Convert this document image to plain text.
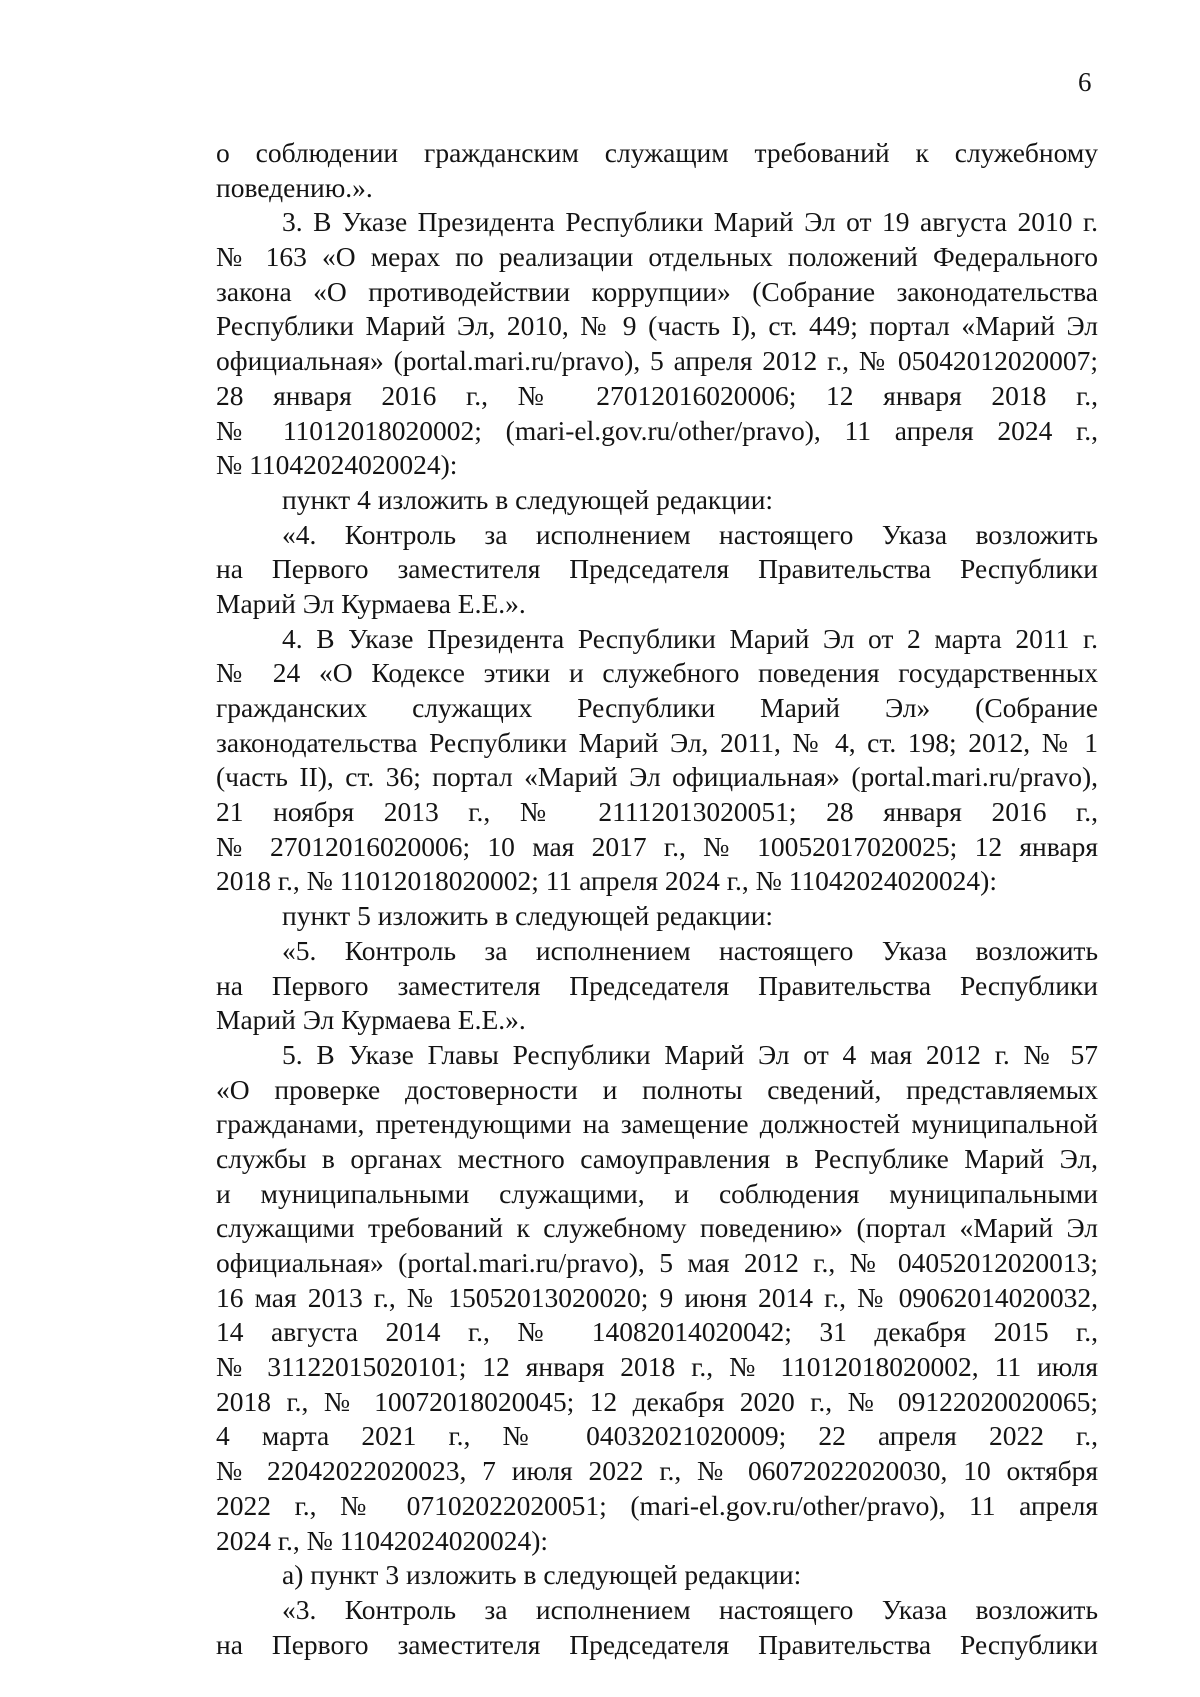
6
о соблюдении гражданским служащим требований к служебному
поведению.».
3. В Указе Президента Республики Марий Эл от 19 августа 2010 г.
№ 163 «О мерах по реализации отдельных положений Федерального
закона «О противодействии коррупции» (Собрание законодательства
Республики Марий Эл, 2010, № 9 (часть I), ст. 449; портал «Марий Эл
официальная» (portal.mari.ru/pravo), 5 апреля 2012 г., № 05042012020007;
28 января 2016 г., № 27012016020006; 12 января 2018 г.,
№ 11012018020002; (mari-el.gov.ru/other/pravo), 11 апреля 2024 г.,
№ 11042024020024):
пункт 4 изложить в следующей редакции:
«4. Контроль за исполнением настоящего Указа возложить
на Первого заместителя Председателя Правительства Республики
Марий Эл Курмаева Е.Е.».
4. В Указе Президента Республики Марий Эл от 2 марта 2011 г.
№ 24 «О Кодексе этики и служебного поведения государственных
гражданских служащих Республики Марий Эл» (Собрание
законодательства Республики Марий Эл, 2011, № 4, ст. 198; 2012, № 1
(часть II), ст. 36; портал «Марий Эл официальная» (portal.mari.ru/pravo),
21 ноября 2013 г., № 21112013020051; 28 января 2016 г.,
№ 27012016020006; 10 мая 2017 г., № 10052017020025; 12 января
2018 г., № 11012018020002; 11 апреля 2024 г., № 11042024020024):
пункт 5 изложить в следующей редакции:
«5. Контроль за исполнением настоящего Указа возложить
на Первого заместителя Председателя Правительства Республики
Марий Эл Курмаева Е.Е.».
5. В Указе Главы Республики Марий Эл от 4 мая 2012 г. № 57
«О проверке достоверности и полноты сведений, представляемых
гражданами, претендующими на замещение должностей муниципальной
службы в органах местного самоуправления в Республике Марий Эл,
и муниципальными служащими, и соблюдения муниципальными
служащими требований к служебному поведению» (портал «Марий Эл
официальная» (portal.mari.ru/pravo), 5 мая 2012 г., № 04052012020013;
16 мая 2013 г., № 15052013020020; 9 июня 2014 г., № 09062014020032,
14 августа 2014 г., № 14082014020042; 31 декабря 2015 г.,
№ 31122015020101; 12 января 2018 г., № 11012018020002, 11 июля
2018 г., № 10072018020045; 12 декабря 2020 г., № 09122020020065;
4 марта 2021 г., № 04032021020009; 22 апреля 2022 г.,
№ 22042022020023, 7 июля 2022 г., № 06072022020030, 10 октября
2022 г., № 07102022020051; (mari-el.gov.ru/other/pravo), 11 апреля
2024 г., № 11042024020024):
а) пункт 3 изложить в следующей редакции:
«3. Контроль за исполнением настоящего Указа возложить
на Первого заместителя Председателя Правительства Республики
